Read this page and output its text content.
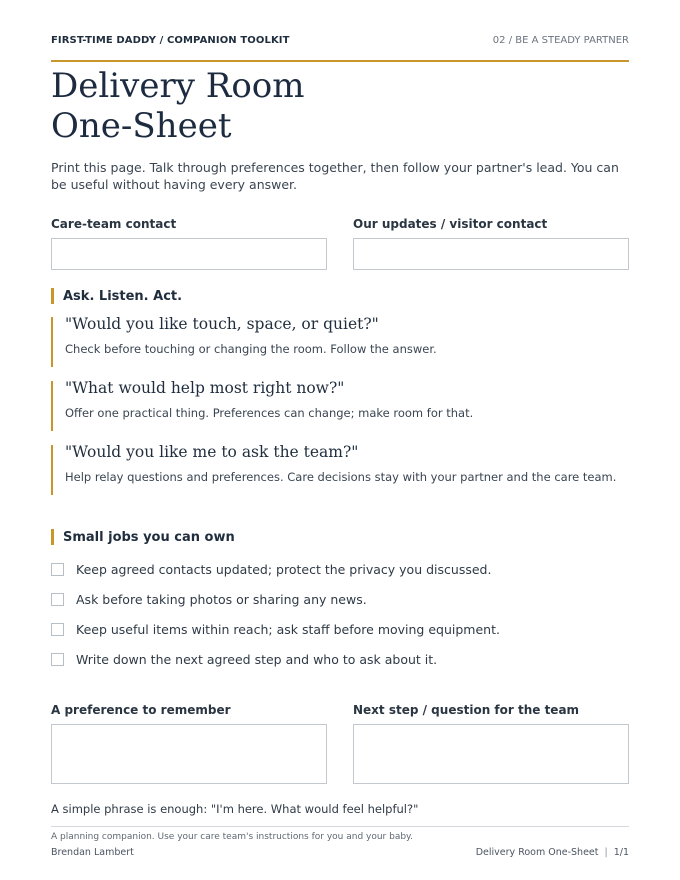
FIRST-TIME DADDY / COMPANION TOOLKIT	02 / BE A STEADY PARTNER
Delivery Room
One-Sheet

Print this page. Talk through preferences together, then follow your partner's lead. You can be useful without having every answer.

Care-team contact	Our updates / visitor contact
Ask. Listen. Act.
"Would you like touch, space, or quiet?"
Check before touching or changing the room. Follow the answer.
"What would help most right now?"
Offer one practical thing. Preferences can change; make room for that.
"Would you like me to ask the team?"
Help relay questions and preferences. Care decisions stay with your partner and the care team.
Small jobs you can own
Keep agreed contacts updated; protect the privacy you discussed.
Ask before taking photos or sharing any news.
Keep useful items within reach; ask staff before moving equipment.
Write down the next agreed step and who to ask about it.
A preference to remember	Next step / question for the team
A simple phrase is enough: "I'm here. What would feel helpful?"
A planning companion. Use your care team's instructions for you and your baby.
Brendan Lambert	Delivery Room One-Sheet | 1/1
